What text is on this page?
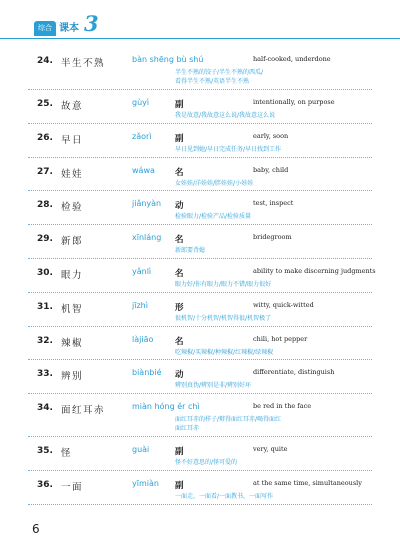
综合 课本 3
24. 半生不熟	bàn shēng bù shú	half-cooked, underdone
半生不熟的饺子/半生不熟的西瓜/
看得半生不熟/英语半生不熟
25. 故意	gùyì	副	intentionally, on purpose
我是故意/我故意这么说/我故意这么说
26. 早日	zǎorì	副	early, soon
早日见到她/早日完成任务/早日找到工作
27. 娃娃	wáwa 名	baby, child
女娃娃/洋娃娃/胖娃娃/小娃娃
28. 检验	jiǎnyàn 动	test, inspect
检验眼力/检验产品/检验质量
29. 新郎	xīnláng 名	bridegroom
新郎要背媳
30. 眼力	yǎnlì	名	ability to make discerning judgments
眼力好/你有眼力/眼力不错/眼力很好
31. 机智	jīzhì	形	witty, quick-witted
很机智/十分机智/机智得很/机智极了
32. 辣椒	làjiāo	名	chili, hot pepper
吃辣椒/买辣椒/种辣椒/红辣椒/绿辣椒
33. 辨别	biànbié 动	differentiate, distinguish
辨别真伪/辨别是非/辨别好坏
34. 面红耳赤	miàn hóng ěr chì	be red in the face
面红耳赤的样子/辩得面红耳赤/喝得面红
面红耳赤
35. 怪	guài	副	very, quite
怪不好意思的/怪可爱的
36. 一面	yīmiàn 副	at the same time, simultaneously
一面走，一面看/一面教书，一面写作
6
